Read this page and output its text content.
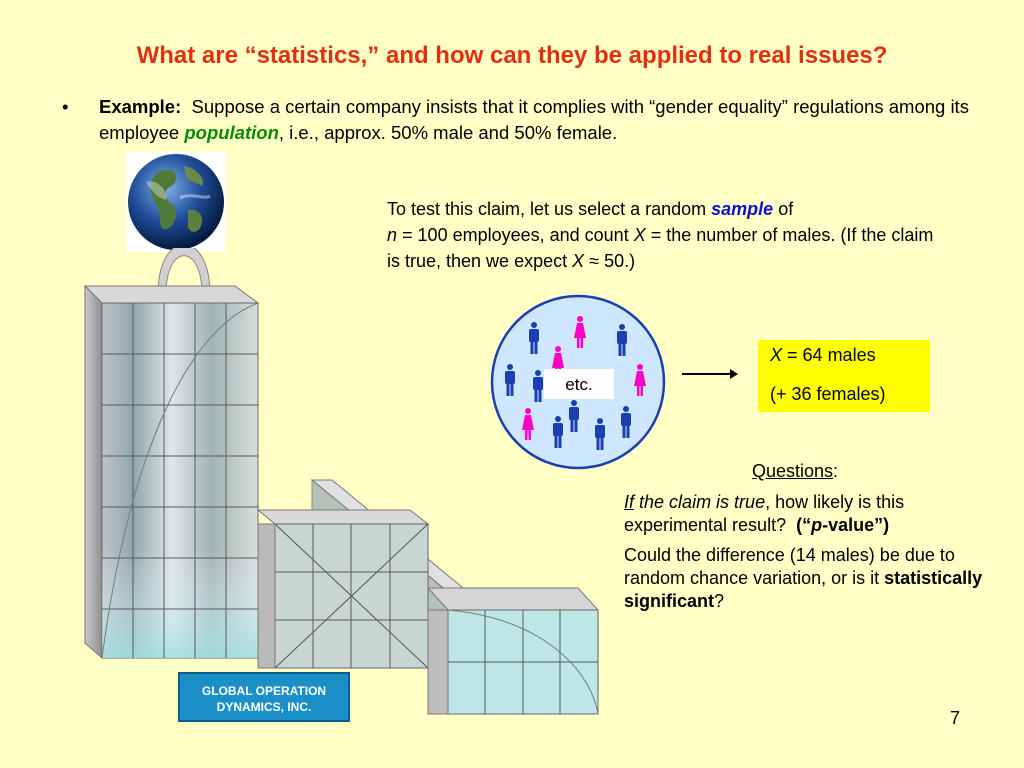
What are “statistics,” and how can they be applied to real issues?
• Example: Suppose a certain company insists that it complies with “gender equality” regulations among its employee population, i.e., approx. 50% male and 50% female.
GLOBAL OPERATION
DYNAMICS, INC.
To test this claim, let us select a random sample of
n = 100 employees, and count X = the number of males. (If the claim is true, then we expect X ≈ 50.)
etc.
X = 64 males
(+ 36 females)
Questions:

If the claim is true, how likely is this experimental result? (“p-value”)

Could the difference (14 males) be due to random chance variation, or is it statistically significant?

7
